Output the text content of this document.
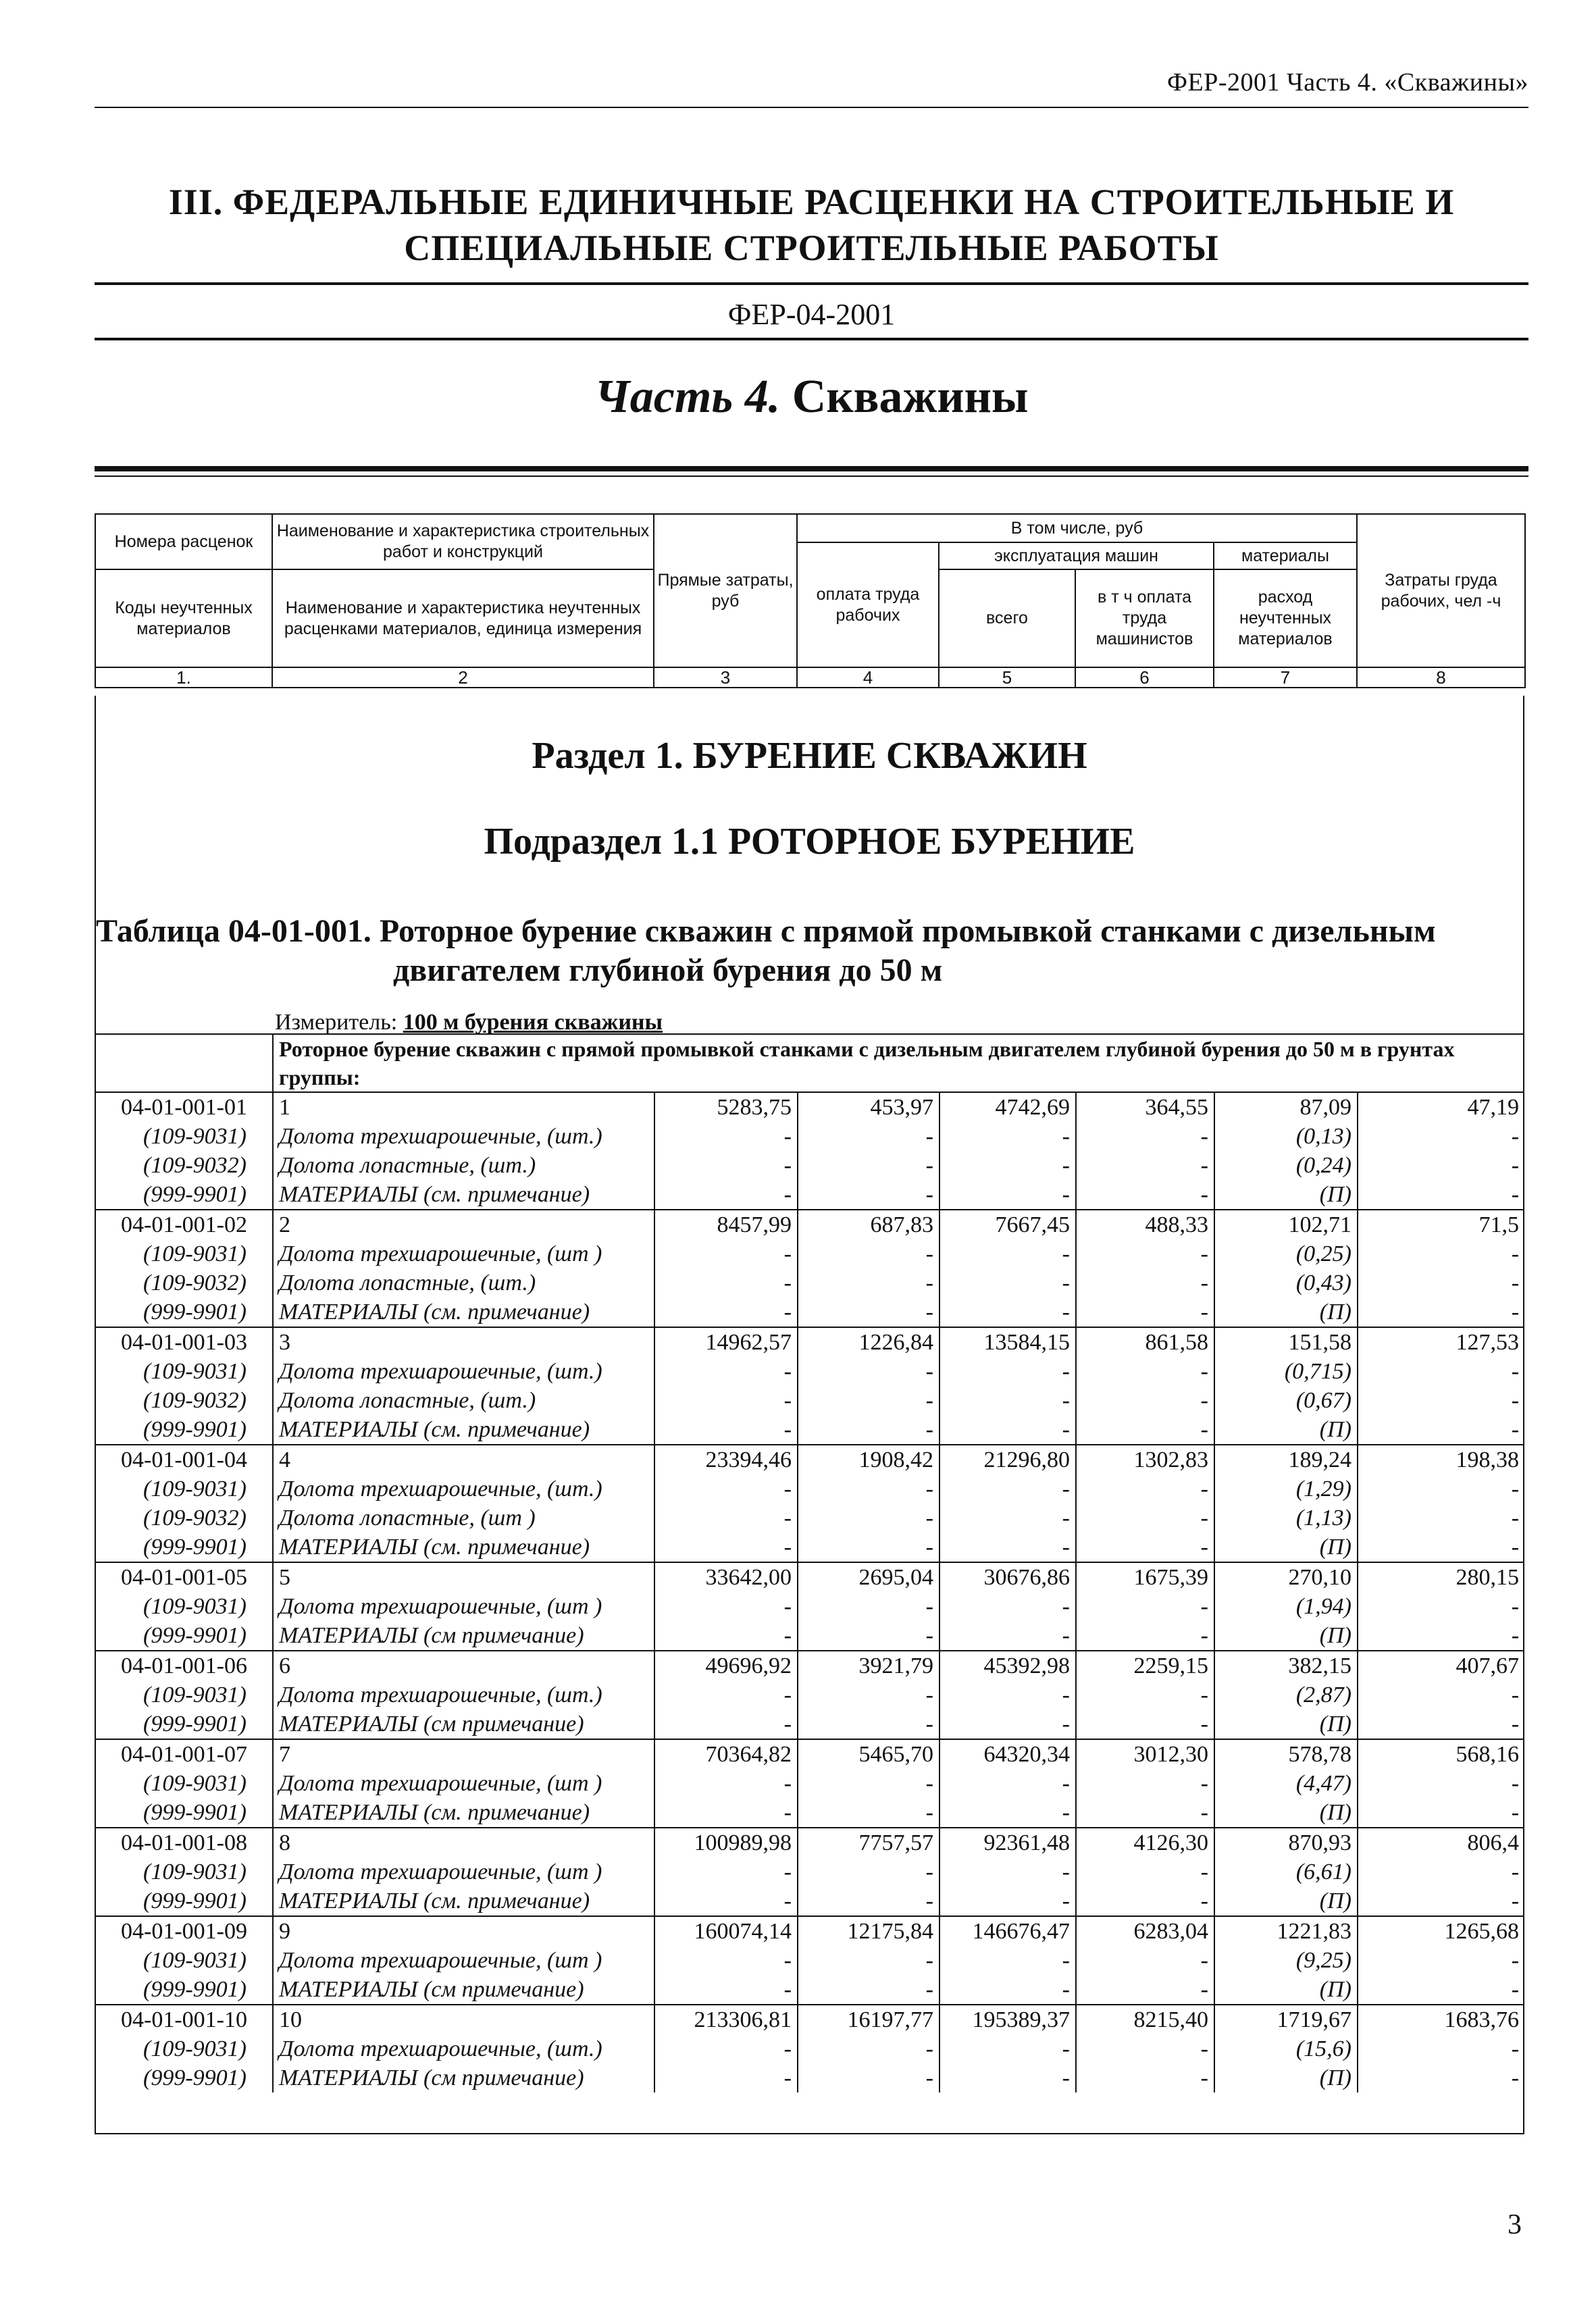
ФЕР-2001 Часть 4. «Скважины»
III. ФЕДЕРАЛЬНЫЕ ЕДИНИЧНЫЕ РАСЦЕНКИ НА СТРОИТЕЛЬНЫЕ И
СПЕЦИАЛЬНЫЕ СТРОИТЕЛЬНЫЕ РАБОТЫ
ФЕР-04-2001
Часть 4. Скважины
Номера расценок	Наименование и характеристика строительных работ и конструкций	Прямые затраты, руб	В том числе, руб				Затраты груда рабочих, чел -ч
			оплата труда рабочих	эксплуатация машин		материалы	
Коды неучтенных материалов	Наименование и характеристика неучтенных расценками материалов, единица измерения			всего	в т ч оплата труда машинистов	расход неучтенных материалов	

1.	2	3	4	5	6	7	8
Раздел 1. БУРЕНИЕ СКВАЖИН
Подраздел 1.1 РОТОРНОЕ БУРЕНИЕ
Таблица 04-01-001. Роторное бурение скважин с прямой промывкой станками с дизельным
двигателем глубиной бурения до 50 м
Измеритель: 100 м бурения скважины
	Роторное бурение скважин с прямой промывкой станками с дизельным двигателем глубиной бурения до 50 м в грунтах группы:						
04-01-001-01	1	5283,75	453,97	4742,69	364,55	87,09	47,19
(109-9031)	Долота трехшарошечные, (шт.)	-	-	-	-	(0,13)	-
(109-9032)	Долота лопастные, (шт.)	-	-	-	-	(0,24)	-
(999-9901)	МАТЕРИАЛЫ (см. примечание)	-	-	-	-	(П)	-
04-01-001-02	2	8457,99	687,83	7667,45	488,33	102,71	71,5
(109-9031)	Долота трехшарошечные, (шт )	-	-	-	-	(0,25)	-
(109-9032)	Долота лопастные, (шт.)	-	-	-	-	(0,43)	-
(999-9901)	МАТЕРИАЛЫ (см. примечание)	-	-	-	-	(П)	-
04-01-001-03	3	14962,57	1226,84	13584,15	861,58	151,58	127,53
(109-9031)	Долота трехшарошечные, (шт.)	-	-	-	-	(0,715)	-
(109-9032)	Долота лопастные, (шт.)	-	-	-	-	(0,67)	-
(999-9901)	МАТЕРИАЛЫ (см. примечание)	-	-	-	-	(П)	-
04-01-001-04	4	23394,46	1908,42	21296,80	1302,83	189,24	198,38
(109-9031)	Долота трехшарошечные, (шт.)	-	-	-	-	(1,29)	-
(109-9032)	Долота лопастные, (шт )	-	-	-	-	(1,13)	-
(999-9901)	МАТЕРИАЛЫ (см. примечание)	-	-	-	-	(П)	-
04-01-001-05	5	33642,00	2695,04	30676,86	1675,39	270,10	280,15
(109-9031)	Долота трехшарошечные, (шт )	-	-	-	-	(1,94)	-
(999-9901)	МАТЕРИАЛЫ (см примечание)	-	-	-	-	(П)	-
04-01-001-06	6	49696,92	3921,79	45392,98	2259,15	382,15	407,67
(109-9031)	Долота трехшарошечные, (шт.)	-	-	-	-	(2,87)	-
(999-9901)	МАТЕРИАЛЫ (см примечание)	-	-	-	-	(П)	-
04-01-001-07	7	70364,82	5465,70	64320,34	3012,30	578,78	568,16
(109-9031)	Долота трехшарошечные, (шт )	-	-	-	-	(4,47)	-
(999-9901)	МАТЕРИАЛЫ (см. примечание)	-	-	-	-	(П)	-
04-01-001-08	8	100989,98	7757,57	92361,48	4126,30	870,93	806,4
(109-9031)	Долота трехшарошечные, (шт )	-	-	-	-	(6,61)	-
(999-9901)	МАТЕРИАЛЫ (см. примечание)	-	-	-	-	(П)	-
04-01-001-09	9	160074,14	12175,84	146676,47	6283,04	1221,83	1265,68
(109-9031)	Долота трехшарошечные, (шт )	-	-	-	-	(9,25)	-
(999-9901)	МАТЕРИАЛЫ (см примечание)	-	-	-	-	(П)	-
04-01-001-10	10	213306,81	16197,77	195389,37	8215,40	1719,67	1683,76
(109-9031)	Долота трехшарошечные, (шт.)	-	-	-	-	(15,6)	-
(999-9901)	МАТЕРИАЛЫ (см примечание)	-	-	-	-	(П)	-
3
